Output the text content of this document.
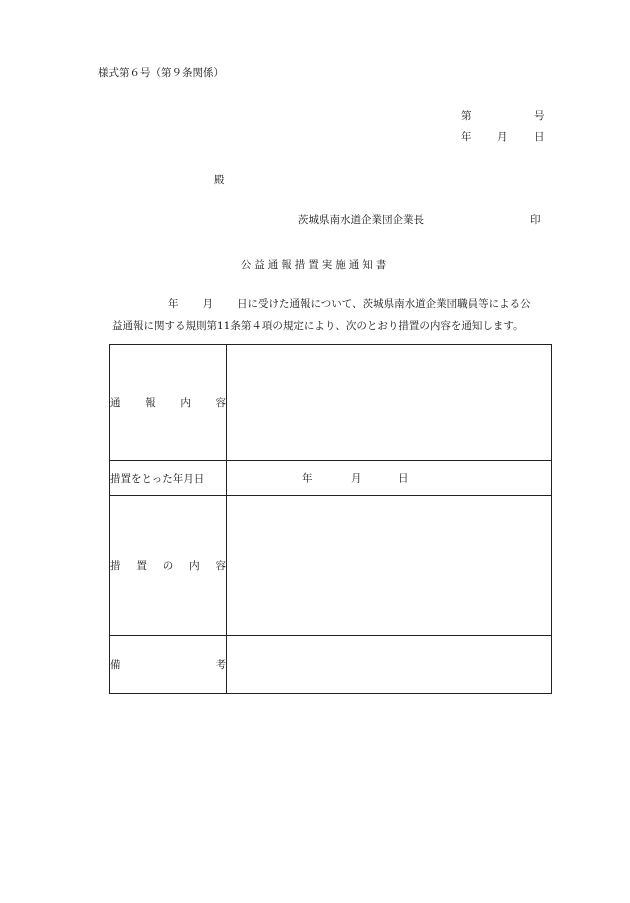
様式第６号（第９条関係）
第	号
年 月	日
殿
茨城県南水道企業団企業長	印
公益通報措置実施通知書
年 月 日に受けた通報について、茨城県南水道企業団職員等による公
益通報に関する規則第11条第４項の規定により、次のとおり措置の内容を通知します。
通 報 内 容	

措置をとった年月日	年 月 日

措 置 の 内 容	

備 考	
